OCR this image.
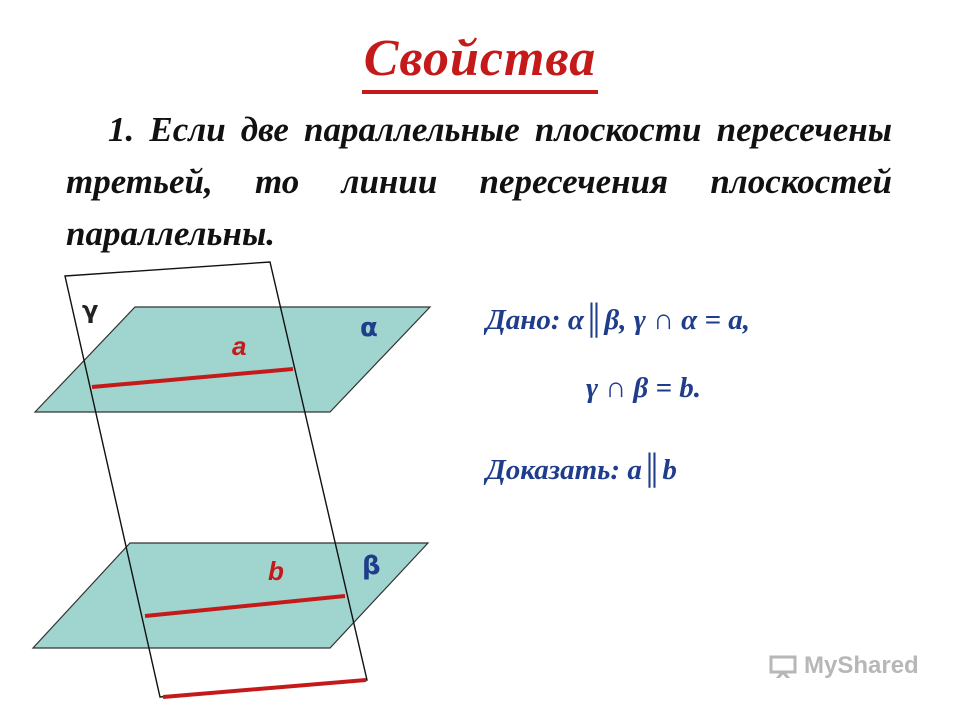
Свойства
1. Если две параллельные плоскости пересечены третьей, то линии пересечения плоскостей параллельны.
γ
α
β
a
b
Дано: α║β, γ ∩ α = a,
γ ∩ β = b.
Доказать: a║b
MyShared
